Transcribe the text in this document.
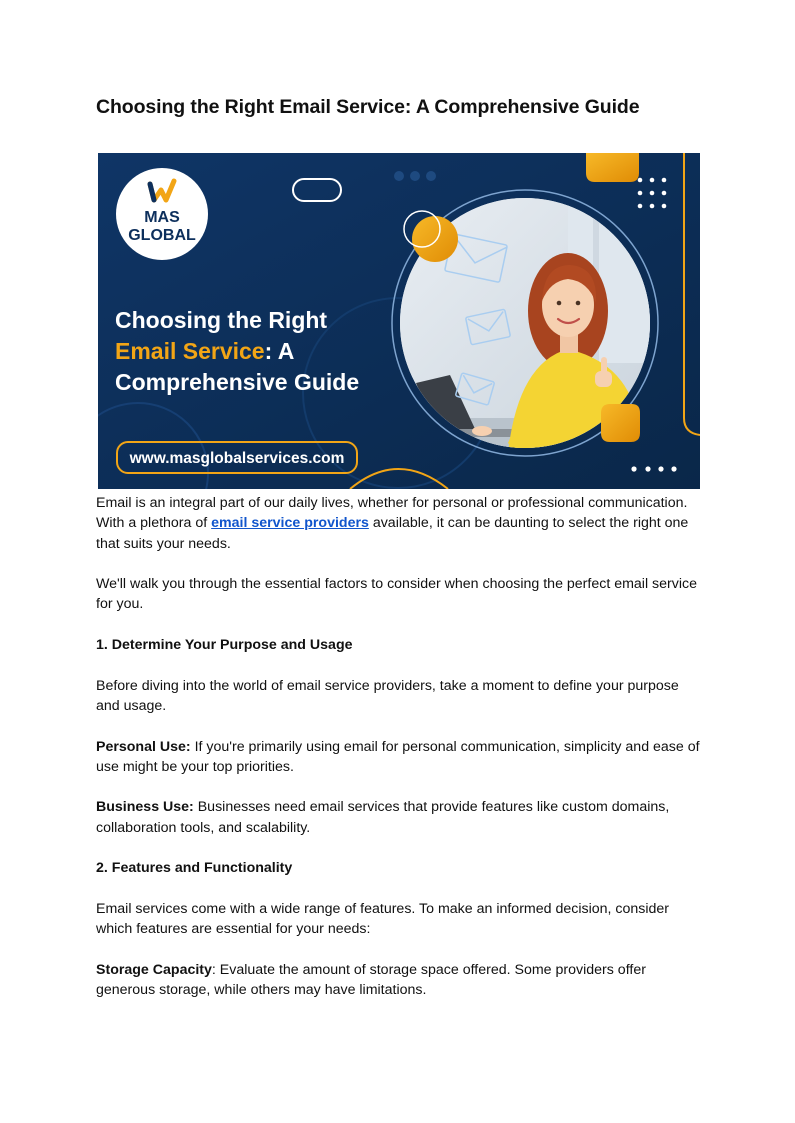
Choosing the Right Email Service: A Comprehensive Guide
MAS
GLOBAL
Choosing the Right
Email Service: A
Comprehensive Guide
www.masglobalservices.com

Email is an integral part of our daily lives, whether for personal or professional communication. With a plethora of email service providers available, it can be daunting to select the right one that suits your needs.

We'll walk you through the essential factors to consider when choosing the perfect email service for you.

1. Determine Your Purpose and Usage

Before diving into the world of email service providers, take a moment to define your purpose and usage.

Personal Use: If you're primarily using email for personal communication, simplicity and ease of use might be your top priorities.

Business Use: Businesses need email services that provide features like custom domains, collaboration tools, and scalability.

2. Features and Functionality

Email services come with a wide range of features. To make an informed decision, consider which features are essential for your needs:

Storage Capacity: Evaluate the amount of storage space offered. Some providers offer generous storage, while others may have limitations.
